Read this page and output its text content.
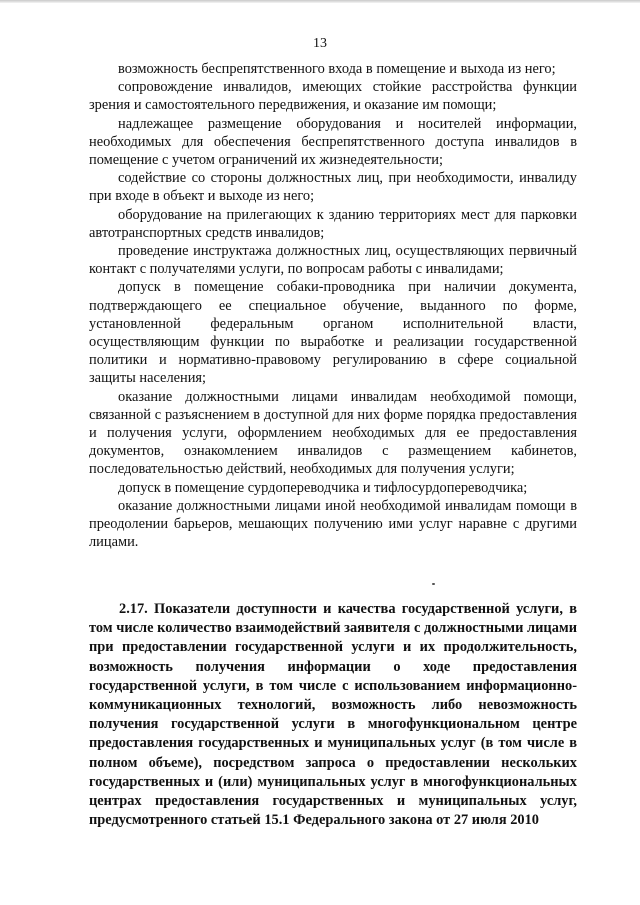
13

возможность беспрепятственного входа в помещение и выхода из него;

сопровождение инвалидов, имеющих стойкие расстройства функции зрения и самостоятельного передвижения, и оказание им помощи;

надлежащее размещение оборудования и носителей информации, необходимых для обеспечения беспрепятственного доступа инвалидов в помещение с учетом ограничений их жизнедеятельности;

содействие со стороны должностных лиц, при необходимости, инвалиду при входе в объект и выходе из него;

оборудование на прилегающих к зданию территориях мест для парковки автотранспортных средств инвалидов;

проведение инструктажа должностных лиц, осуществляющих первичный контакт с получателями услуги, по вопросам работы с инвалидами;

допуск в помещение собаки-проводника при наличии документа, подтверждающего ее специальное обучение, выданного по форме, установленной федеральным органом исполнительной власти, осуществляющим функции по выработке и реализации государственной политики и нормативно-правовому регулированию в сфере социальной защиты населения;

оказание должностными лицами инвалидам необходимой помощи, связанной с разъяснением в доступной для них форме порядка предоставления и получения услуги, оформлением необходимых для ее предоставления документов, ознакомлением инвалидов с размещением кабинетов, последовательностью действий, необходимых для получения услуги;

допуск в помещение сурдопереводчика и тифлосурдопереводчика;

оказание должностными лицами иной необходимой инвалидам помощи в преодолении барьеров, мешающих получению ими услуг наравне с другими лицами.

2.17. Показатели доступности и качества государственной услуги, в том числе количество взаимодействий заявителя с должностными лицами при предоставлении государственной услуги и их продолжительность, возможность получения информации о ходе предоставления государственной услуги, в том числе с использованием информационно-коммуникационных технологий, возможность либо невозможность получения государственной услуги в многофункциональном центре предоставления государственных и муниципальных услуг (в том числе в полном объеме), посредством запроса о предоставлении нескольких государственных и (или) муниципальных услуг в многофункциональных центрах предоставления государственных и муниципальных услуг, предусмотренного статьей 15.1 Федерального закона от 27 июля 2010
